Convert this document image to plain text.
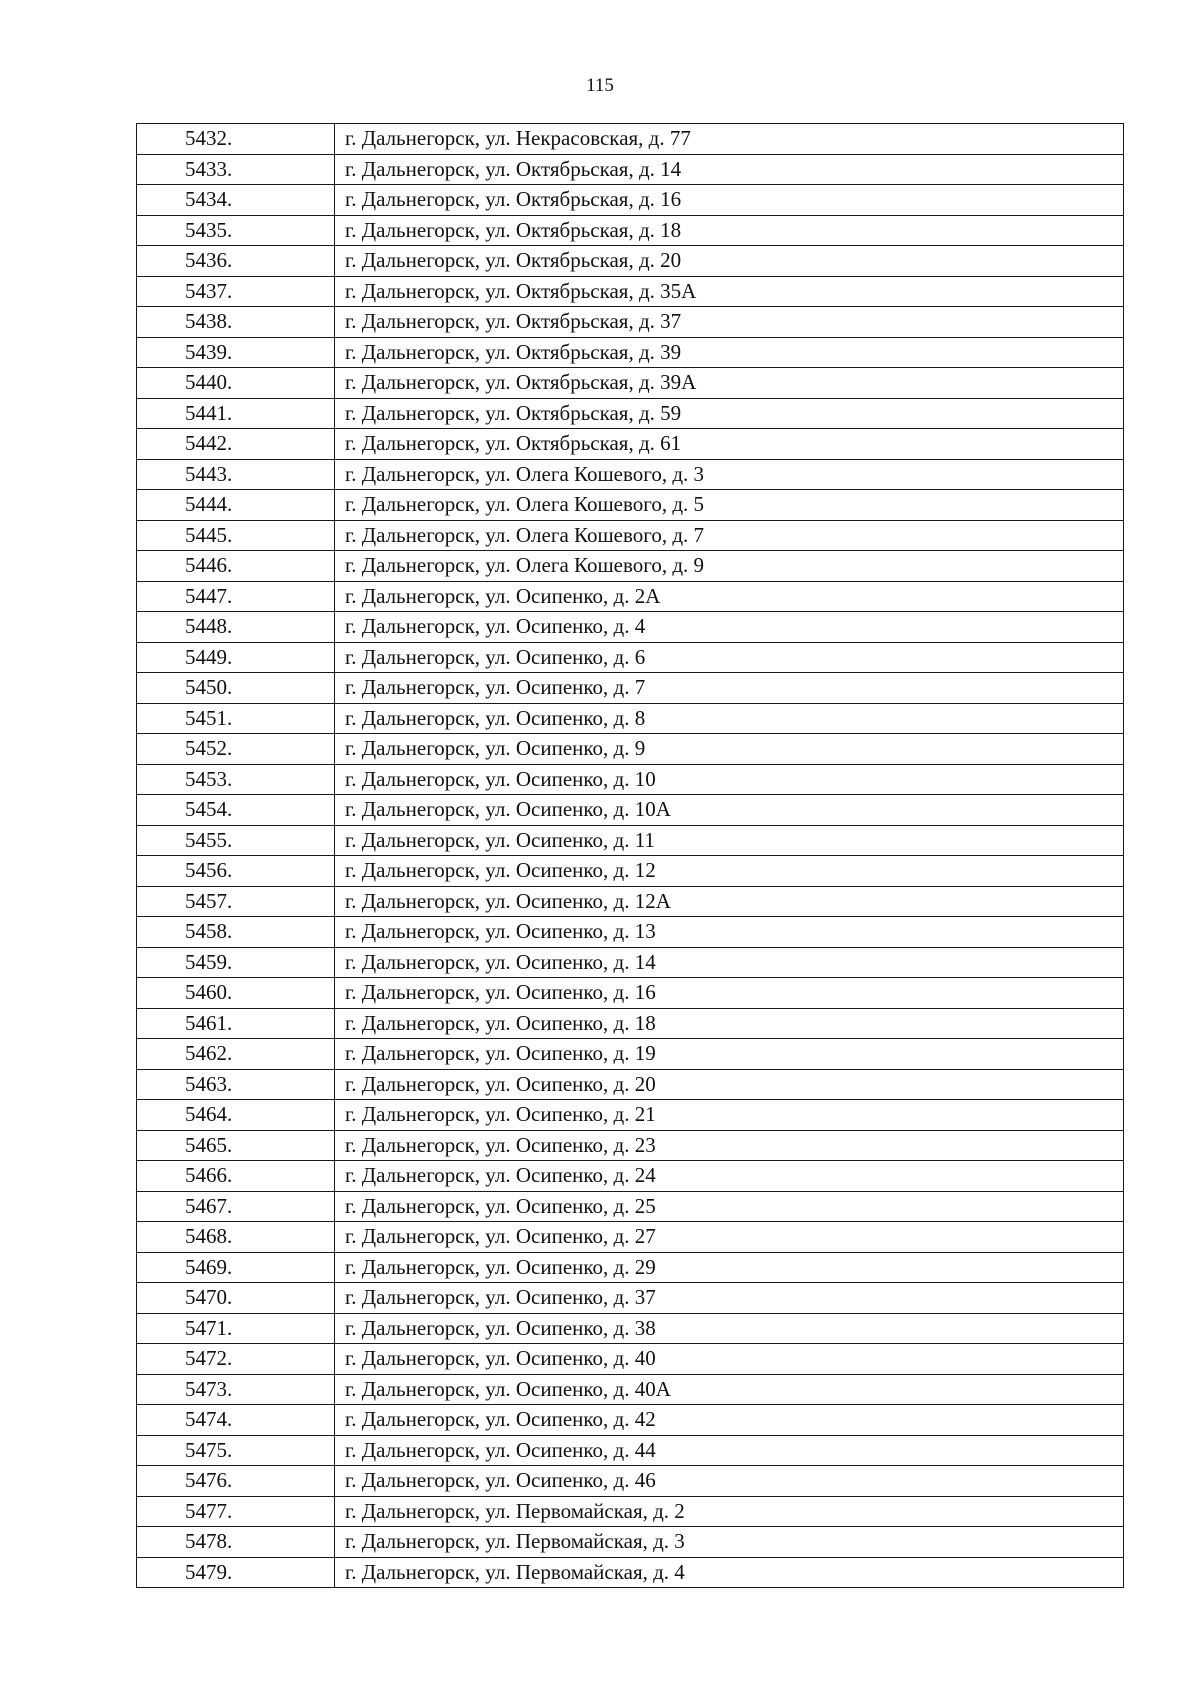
115
5432.	г. Дальнегорск, ул. Некрасовская, д. 77
5433.	г. Дальнегорск, ул. Октябрьская, д. 14
5434.	г. Дальнегорск, ул. Октябрьская, д. 16
5435.	г. Дальнегорск, ул. Октябрьская, д. 18
5436.	г. Дальнегорск, ул. Октябрьская, д. 20
5437.	г. Дальнегорск, ул. Октябрьская, д. 35А
5438.	г. Дальнегорск, ул. Октябрьская, д. 37
5439.	г. Дальнегорск, ул. Октябрьская, д. 39
5440.	г. Дальнегорск, ул. Октябрьская, д. 39А
5441.	г. Дальнегорск, ул. Октябрьская, д. 59
5442.	г. Дальнегорск, ул. Октябрьская, д. 61
5443.	г. Дальнегорск, ул. Олега Кошевого, д. 3
5444.	г. Дальнегорск, ул. Олега Кошевого, д. 5
5445.	г. Дальнегорск, ул. Олега Кошевого, д. 7
5446.	г. Дальнегорск, ул. Олега Кошевого, д. 9
5447.	г. Дальнегорск, ул. Осипенко, д. 2А
5448.	г. Дальнегорск, ул. Осипенко, д. 4
5449.	г. Дальнегорск, ул. Осипенко, д. 6
5450.	г. Дальнегорск, ул. Осипенко, д. 7
5451.	г. Дальнегорск, ул. Осипенко, д. 8
5452.	г. Дальнегорск, ул. Осипенко, д. 9
5453.	г. Дальнегорск, ул. Осипенко, д. 10
5454.	г. Дальнегорск, ул. Осипенко, д. 10А
5455.	г. Дальнегорск, ул. Осипенко, д. 11
5456.	г. Дальнегорск, ул. Осипенко, д. 12
5457.	г. Дальнегорск, ул. Осипенко, д. 12А
5458.	г. Дальнегорск, ул. Осипенко, д. 13
5459.	г. Дальнегорск, ул. Осипенко, д. 14
5460.	г. Дальнегорск, ул. Осипенко, д. 16
5461.	г. Дальнегорск, ул. Осипенко, д. 18
5462.	г. Дальнегорск, ул. Осипенко, д. 19
5463.	г. Дальнегорск, ул. Осипенко, д. 20
5464.	г. Дальнегорск, ул. Осипенко, д. 21
5465.	г. Дальнегорск, ул. Осипенко, д. 23
5466.	г. Дальнегорск, ул. Осипенко, д. 24
5467.	г. Дальнегорск, ул. Осипенко, д. 25
5468.	г. Дальнегорск, ул. Осипенко, д. 27
5469.	г. Дальнегорск, ул. Осипенко, д. 29
5470.	г. Дальнегорск, ул. Осипенко, д. 37
5471.	г. Дальнегорск, ул. Осипенко, д. 38
5472.	г. Дальнегорск, ул. Осипенко, д. 40
5473.	г. Дальнегорск, ул. Осипенко, д. 40А
5474.	г. Дальнегорск, ул. Осипенко, д. 42
5475.	г. Дальнегорск, ул. Осипенко, д. 44
5476.	г. Дальнегорск, ул. Осипенко, д. 46
5477.	г. Дальнегорск, ул. Первомайская, д. 2
5478.	г. Дальнегорск, ул. Первомайская, д. 3
5479.	г. Дальнегорск, ул. Первомайская, д. 4
